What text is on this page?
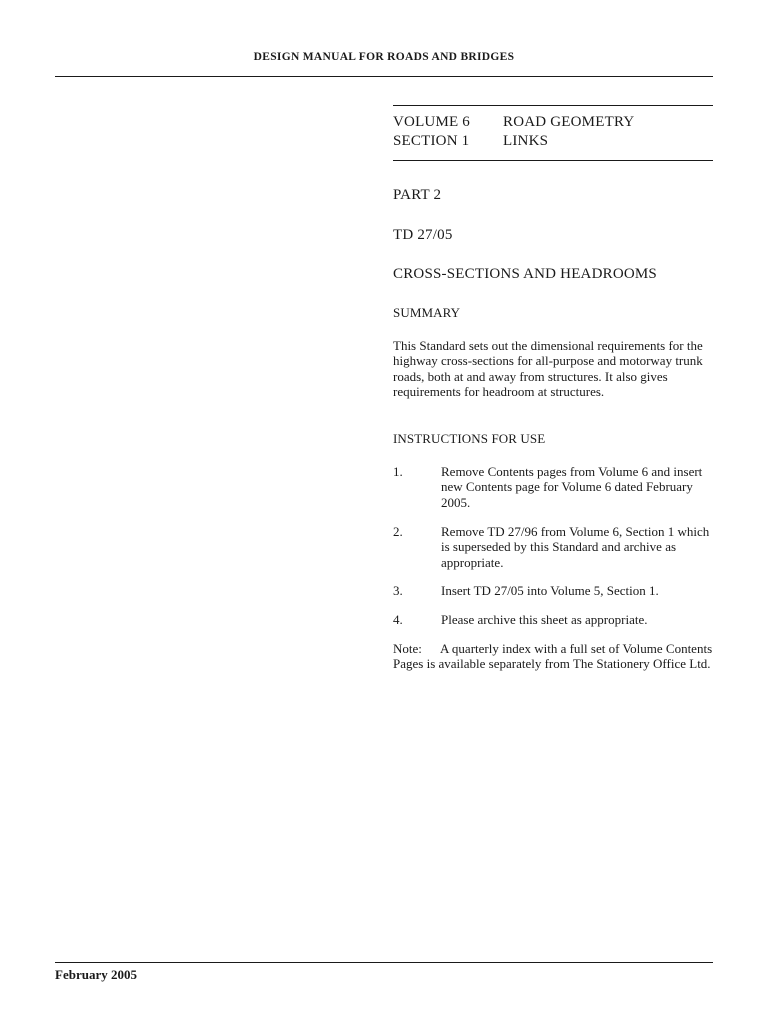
DESIGN MANUAL FOR ROADS AND BRIDGES
VOLUME 6 ROAD GEOMETRY
SECTION 1 LINKS
PART 2
TD 27/05
CROSS-SECTIONS AND HEADROOMS
SUMMARY
This Standard sets out the dimensional requirements for the highway cross-sections for all-purpose and motorway trunk roads, both at and away from structures. It also gives requirements for headroom at structures.
INSTRUCTIONS FOR USE
1.	Remove Contents pages from Volume 6 and insert new Contents page for Volume 6 dated February 2005.
2.	Remove TD 27/96 from Volume 6, Section 1 which is superseded by this Standard and archive as appropriate.
3.	Insert TD 27/05 into Volume 5, Section 1.
4.	Please archive this sheet as appropriate.
Note: A quarterly index with a full set of Volume Contents Pages is available separately from The Stationery Office Ltd.
February 2005
